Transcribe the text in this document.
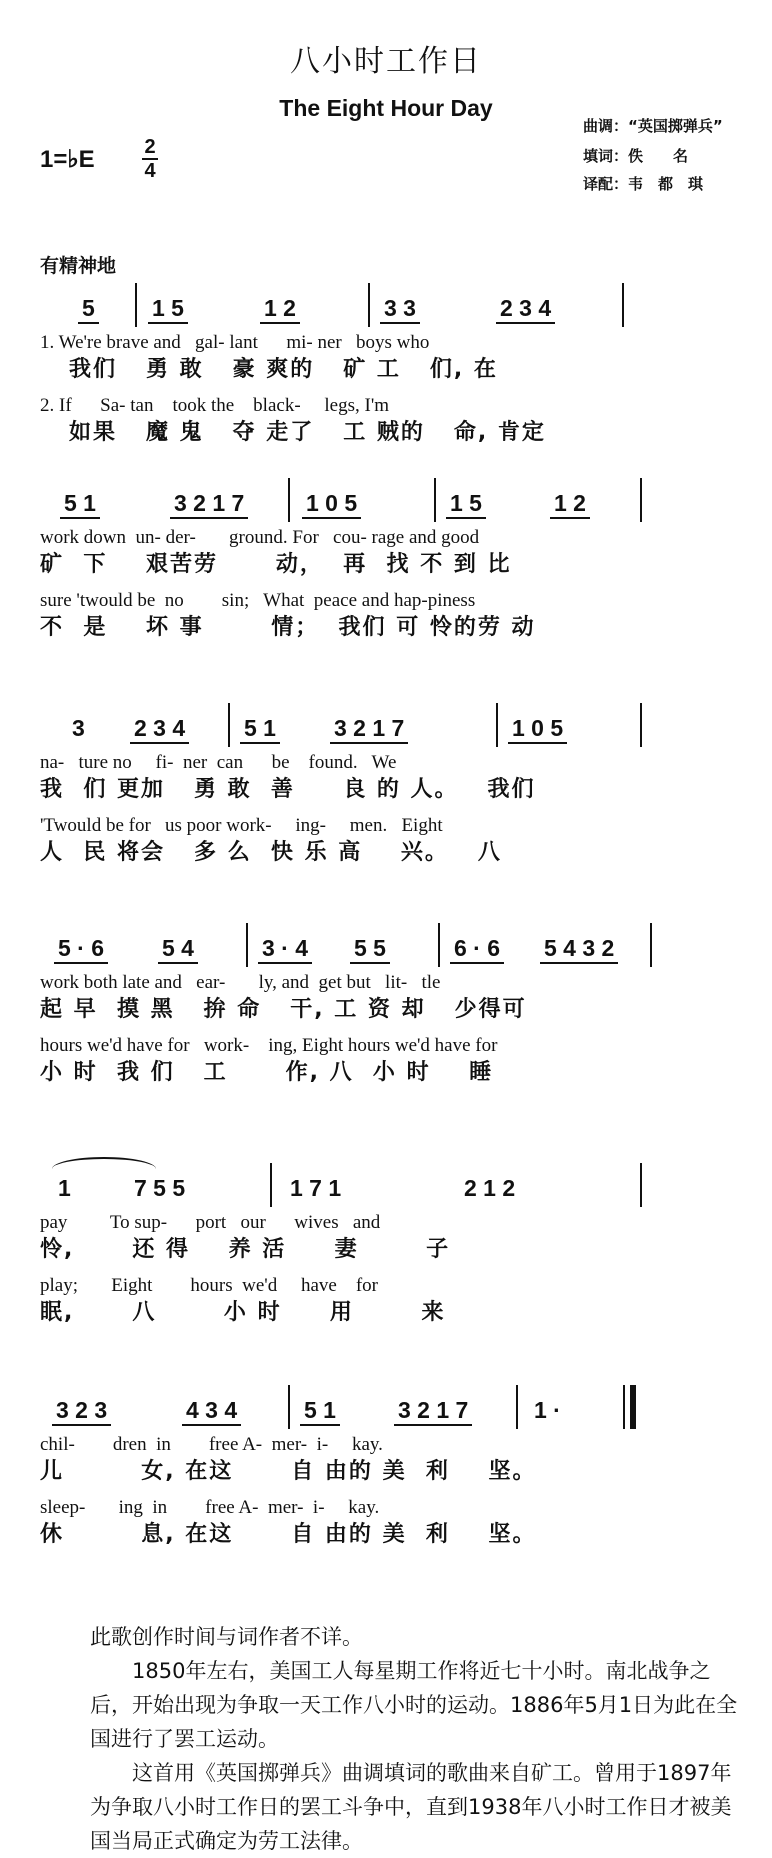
八小时工作日
The Eight Hour Day
1=♭E 2
4
曲调：“英国掷弹兵”
填词：佚　　名
译配：韦　都　琪
有精神地
5 1 5	1 2	3 3	2 3 4
1. We're brave and   gal- lant      mi- ner   boys who
我们   勇 敢   豪 爽的   矿 工   们, 在
2. If      Sa- tan    took the    black-     legs, I'm
如果   魔 鬼   夺 走了   工 贼的   命, 肯定
5 1	3 2 1 7	1 0 5	1 5	1 2
work down  un- der-       ground. For   cou- rage and good
矿  下    艰苦劳      动，  再  找 不 到 比
sure 'twould be  no        sin;   What  peace and hap-piness
不  是    坏 事       情；  我们 可 怜的劳 动
3 2 3 4	5 1	3 2 1 7	1 0 5
na-   ture no     fi-  ner  can      be    found.   We
我  们 更加   勇 敢  善     良 的 人。   我们
'Twould be for   us poor work-     ing-     men.   Eight
人  民 将会   多 么  快 乐 高    兴。   八
5 · 6	5 4	3 · 4 5 5	6 · 6 5 4 3 2
work both late and   ear-       ly, and  get but   lit-   tle
起 早  摸 黑   拚 命   干, 工 资 却   少得可
hours we'd have for   work-    ing, Eight hours we'd have for
小 时  我 们   工      作, 八  小 时    睡
1	7 5 5	1 7 1	2 1 2
pay         To sup-      port   our      wives   and
怜,      还 得    养 活     妻       子
play;       Eight        hours  we'd     have    for
眠,      八       小 时     用       来
3 2 3	4 3 4	5 1	3 2 1 7	1 ·
chil-        dren  in        free A-  mer-  i-     kay.
儿        女, 在这      自 由的 美  利    坚。
sleep-       ing  in        free A-  mer-  i-     kay.
休        息, 在这      自 由的 美  利    坚。

此歌创作时间与词作者不详。

1850年左右，美国工人每星期工作将近七十小时。南北战争之后，开始出现为争取一天工作八小时的运动。1886年5月1日为此在全国进行了罢工运动。

这首用《英国掷弹兵》曲调填词的歌曲来自矿工。曾用于1897年为争取八小时工作日的罢工斗争中，直到1938年八小时工作日才被美国当局正式确定为劳工法律。
